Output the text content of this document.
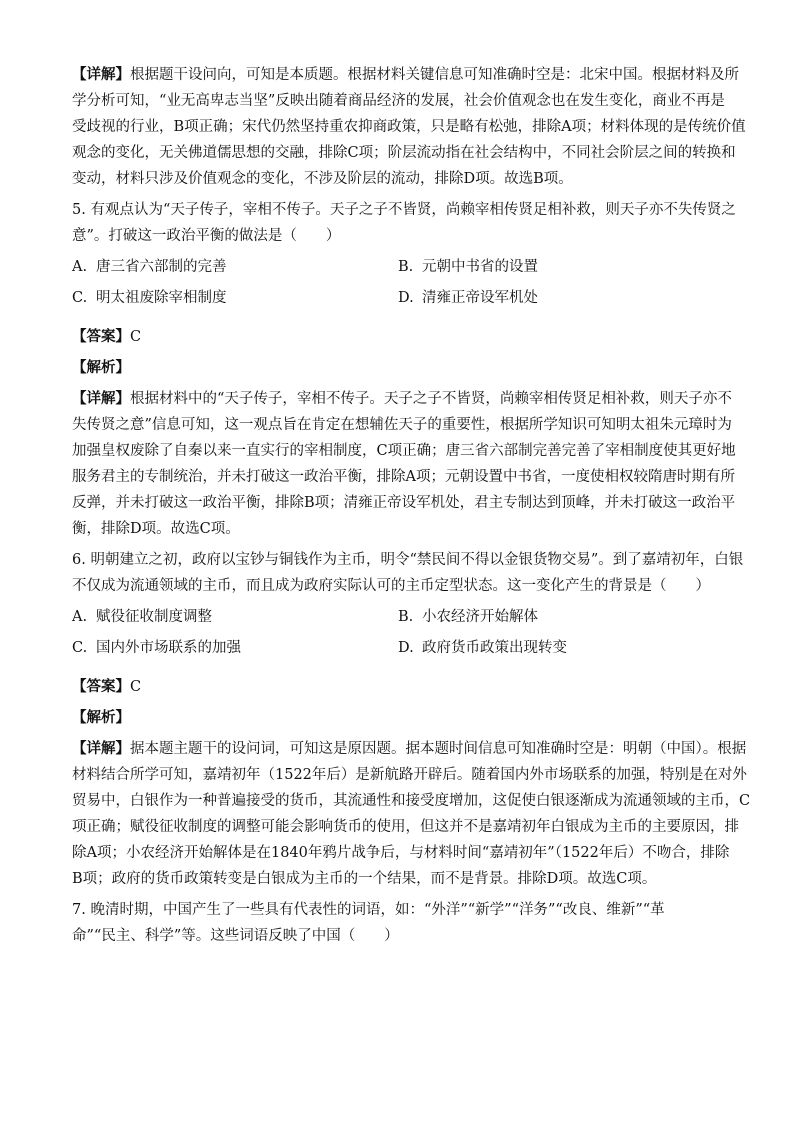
【详解】根据题干设问向，可知是本质题。根据材料关键信息可知准确时空是：北宋中国。根据材料及所
学分析可知，“业无高卑志当坚”反映出随着商品经济的发展，社会价值观念也在发生变化，商业不再是
受歧视的行业，B项正确；宋代仍然坚持重农抑商政策，只是略有松弛，排除A项；材料体现的是传统价值
观念的变化，无关佛道儒思想的交融，排除C项；阶层流动指在社会结构中，不同社会阶层之间的转换和
变动，材料只涉及价值观念的变化，不涉及阶层的流动，排除D项。故选B项。
5. 有观点认为“天子传子，宰相不传子。天子之子不皆贤，尚赖宰相传贤足相补救，则天子亦不失传贤之
意”。打破这一政治平衡的做法是（　　）
A. 唐三省六部制的完善	B. 元朝中书省的设置
C. 明太祖废除宰相制度	D. 清雍正帝设军机处
【答案】C
【解析】
【详解】根据材料中的“天子传子，宰相不传子。天子之子不皆贤，尚赖宰相传贤足相补救，则天子亦不
失传贤之意”信息可知，这一观点旨在肯定在想辅佐天子的重要性，根据所学知识可知明太祖朱元璋时为
加强皇权废除了自秦以来一直实行的宰相制度，C项正确；唐三省六部制完善完善了宰相制度使其更好地
服务君主的专制统治，并未打破这一政治平衡，排除A项；元朝设置中书省，一度使相权较隋唐时期有所
反弹，并未打破这一政治平衡，排除B项；清雍正帝设军机处，君主专制达到顶峰，并未打破这一政治平
衡，排除D项。故选C项。
6. 明朝建立之初，政府以宝钞与铜钱作为主币，明令“禁民间不得以金银货物交易”。到了嘉靖初年，白银
不仅成为流通领域的主币，而且成为政府实际认可的主币定型状态。这一变化产生的背景是（　　）
A. 赋役征收制度调整	B. 小农经济开始解体
C. 国内外市场联系的加强	D. 政府货币政策出现转变
【答案】C
【解析】
【详解】据本题主题干的设问词，可知这是原因题。据本题时间信息可知准确时空是：明朝（中国）。根据
材料结合所学可知，嘉靖初年（1522年后）是新航路开辟后。随着国内外市场联系的加强，特别是在对外
贸易中，白银作为一种普遍接受的货币，其流通性和接受度增加，这促使白银逐渐成为流通领域的主币，C
项正确；赋役征收制度的调整可能会影响货币的使用，但这并不是嘉靖初年白银成为主币的主要原因，排
除A项；小农经济开始解体是在1840年鸦片战争后，与材料时间“嘉靖初年”（1522年后）不吻合，排除
B项；政府的货币政策转变是白银成为主币的一个结果，而不是背景。排除D项。故选C项。
7. 晚清时期，中国产生了一些具有代表性的词语，如：“外洋”“新学”“洋务”“改良、维新”“革
命”“民主、科学”等。这些词语反映了中国（　　）
